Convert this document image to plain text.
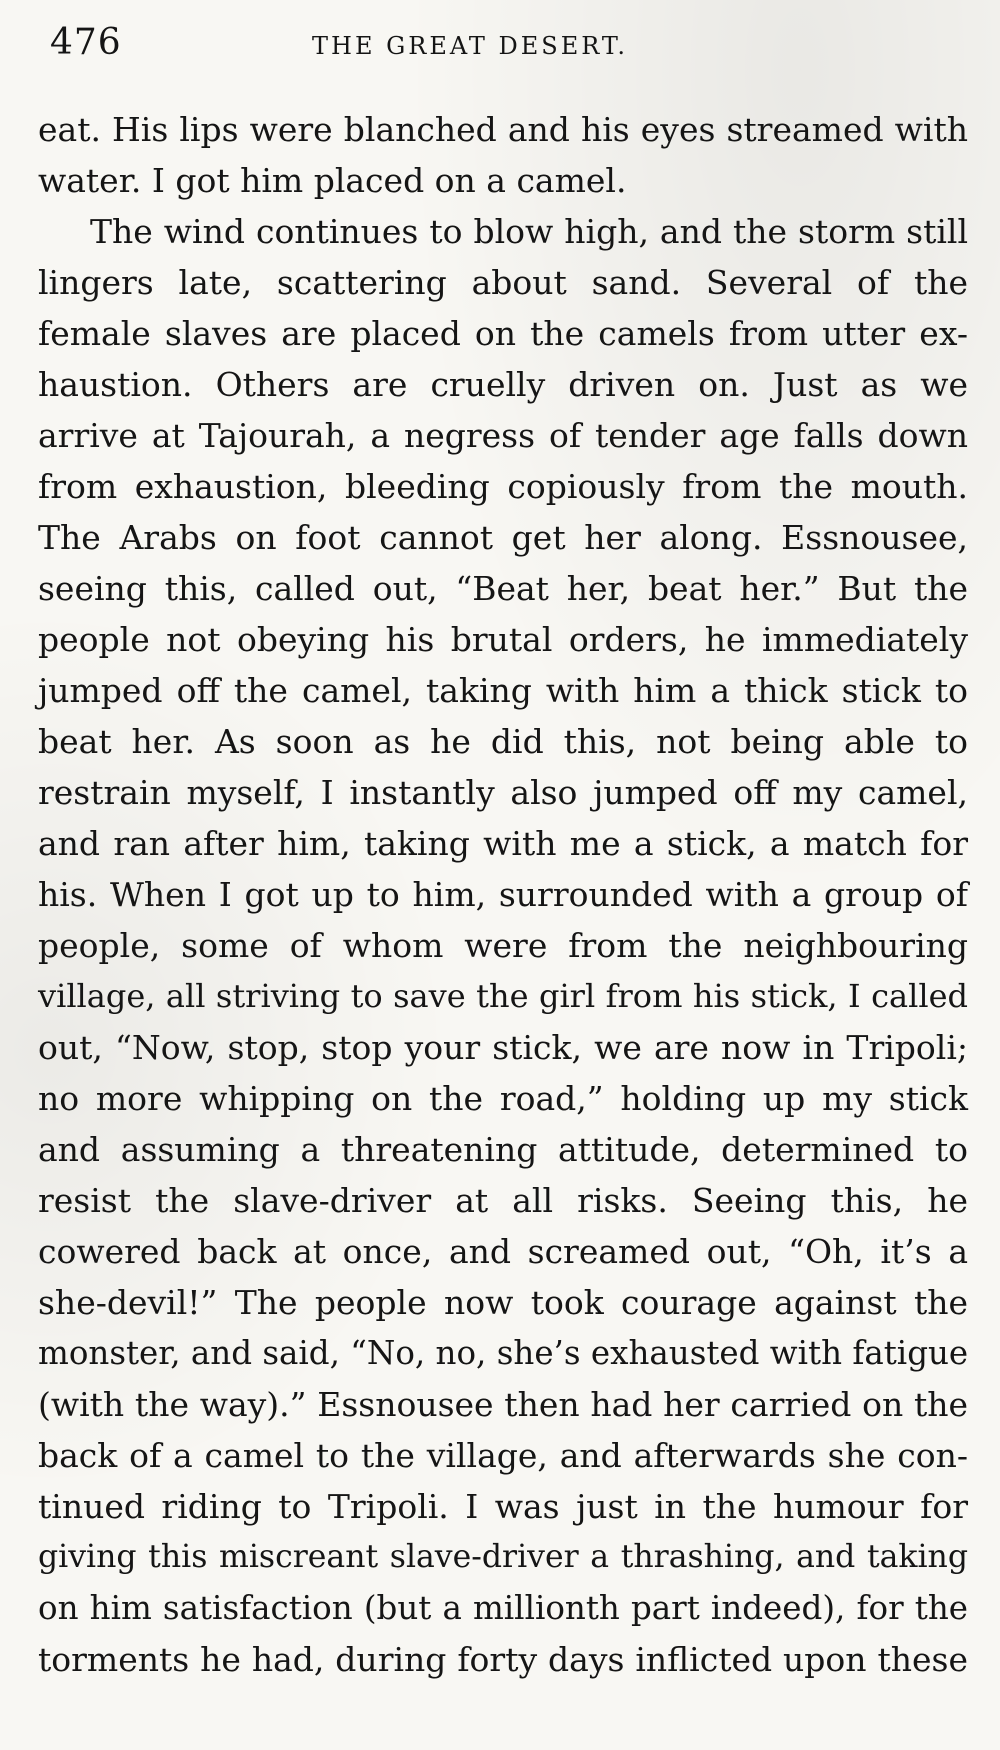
476	THE GREAT DESERT.
eat. His lips were blanched and his eyes streamed with
water. I got him placed on a camel.
The wind continues to blow high, and the storm still
lingers late, scattering about sand. Several of the
female slaves are placed on the camels from utter ex-
haustion. Others are cruelly driven on. Just as we
arrive at Tajourah, a negress of tender age falls down
from exhaustion, bleeding copiously from the mouth.
The Arabs on foot cannot get her along. Essnousee,
seeing this, called out, “Beat her, beat her.” But the
people not obeying his brutal orders, he immediately
jumped off the camel, taking with him a thick stick to
beat her. As soon as he did this, not being able to
restrain myself, I instantly also jumped off my camel,
and ran after him, taking with me a stick, a match for
his. When I got up to him, surrounded with a group of
people, some of whom were from the neighbouring
village, all striving to save the girl from his stick, I called
out, “Now, stop, stop your stick, we are now in Tripoli;
no more whipping on the road,” holding up my stick
and assuming a threatening attitude, determined to
resist the slave-driver at all risks. Seeing this, he
cowered back at once, and screamed out, “Oh, it’s a
she-devil!” The people now took courage against the
monster, and said, “No, no, she’s exhausted with fatigue
(with the way).” Essnousee then had her carried on the
back of a camel to the village, and afterwards she con-
tinued riding to Tripoli. I was just in the humour for
giving this miscreant slave-driver a thrashing, and taking
on him satisfaction (but a millionth part indeed), for the
torments he had, during forty days inflicted upon these
